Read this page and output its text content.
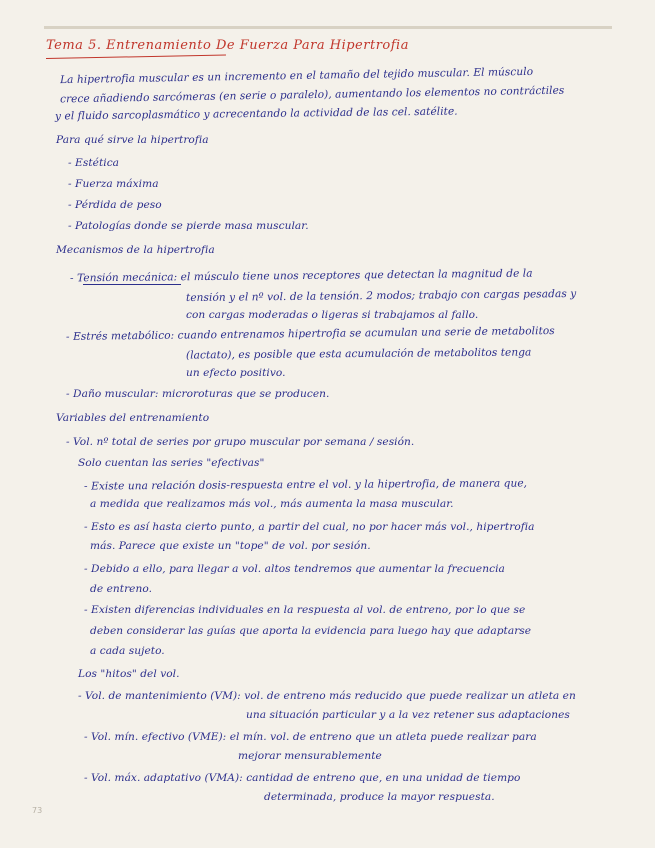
Tema 5. Entrenamiento De Fuerza Para Hipertrofia
La hipertrofia muscular es un incremento en el tamaño del tejido muscular. El músculo
crece añadiendo sarcómeras (en serie o paralelo), aumentando los elementos no contráctiles
y el fluido sarcoplasmático y acrecentando la actividad de las cel. satélite.
Para qué sirve la hipertrofia
- Estética
- Fuerza máxima
- Pérdida de peso
- Patologías donde se pierde masa muscular.
Mecanismos de la hipertrofia
- Tensión mecánica: el músculo tiene unos receptores que detectan la magnitud de la
tensión y el nº vol. de la tensión. 2 modos; trabajo con cargas pesadas y
con cargas moderadas o ligeras si trabajamos al fallo.
- Estrés metabólico: cuando entrenamos hipertrofia se acumulan una serie de metabolitos
(lactato), es posible que esta acumulación de metabolitos tenga
un efecto positivo.
- Daño muscular: microroturas que se producen.
Variables del entrenamiento
- Vol. nº total de series por grupo muscular por semana / sesión.
Solo cuentan las series "efectivas"
- Existe una relación dosis-respuesta entre el vol. y la hipertrofia, de manera que,
a medida que realizamos más vol., más aumenta la masa muscular.
- Esto es así hasta cierto punto, a partir del cual, no por hacer más vol., hipertrofia
más. Parece que existe un "tope" de vol. por sesión.
- Debido a ello, para llegar a vol. altos tendremos que aumentar la frecuencia
de entreno.
- Existen diferencias individuales en la respuesta al vol. de entreno, por lo que se
deben considerar las guías que aporta la evidencia para luego hay que adaptarse
a cada sujeto.
Los "hitos" del vol.
- Vol. de mantenimiento (VM): vol. de entreno más reducido que puede realizar un atleta en
una situación particular y a la vez retener sus adaptaciones
- Vol. mín. efectivo (VME): el mín. vol. de entreno que un atleta puede realizar para
mejorar mensurablemente
- Vol. máx. adaptativo (VMA): cantidad de entreno que, en una unidad de tiempo
determinada, produce la mayor respuesta.
73
